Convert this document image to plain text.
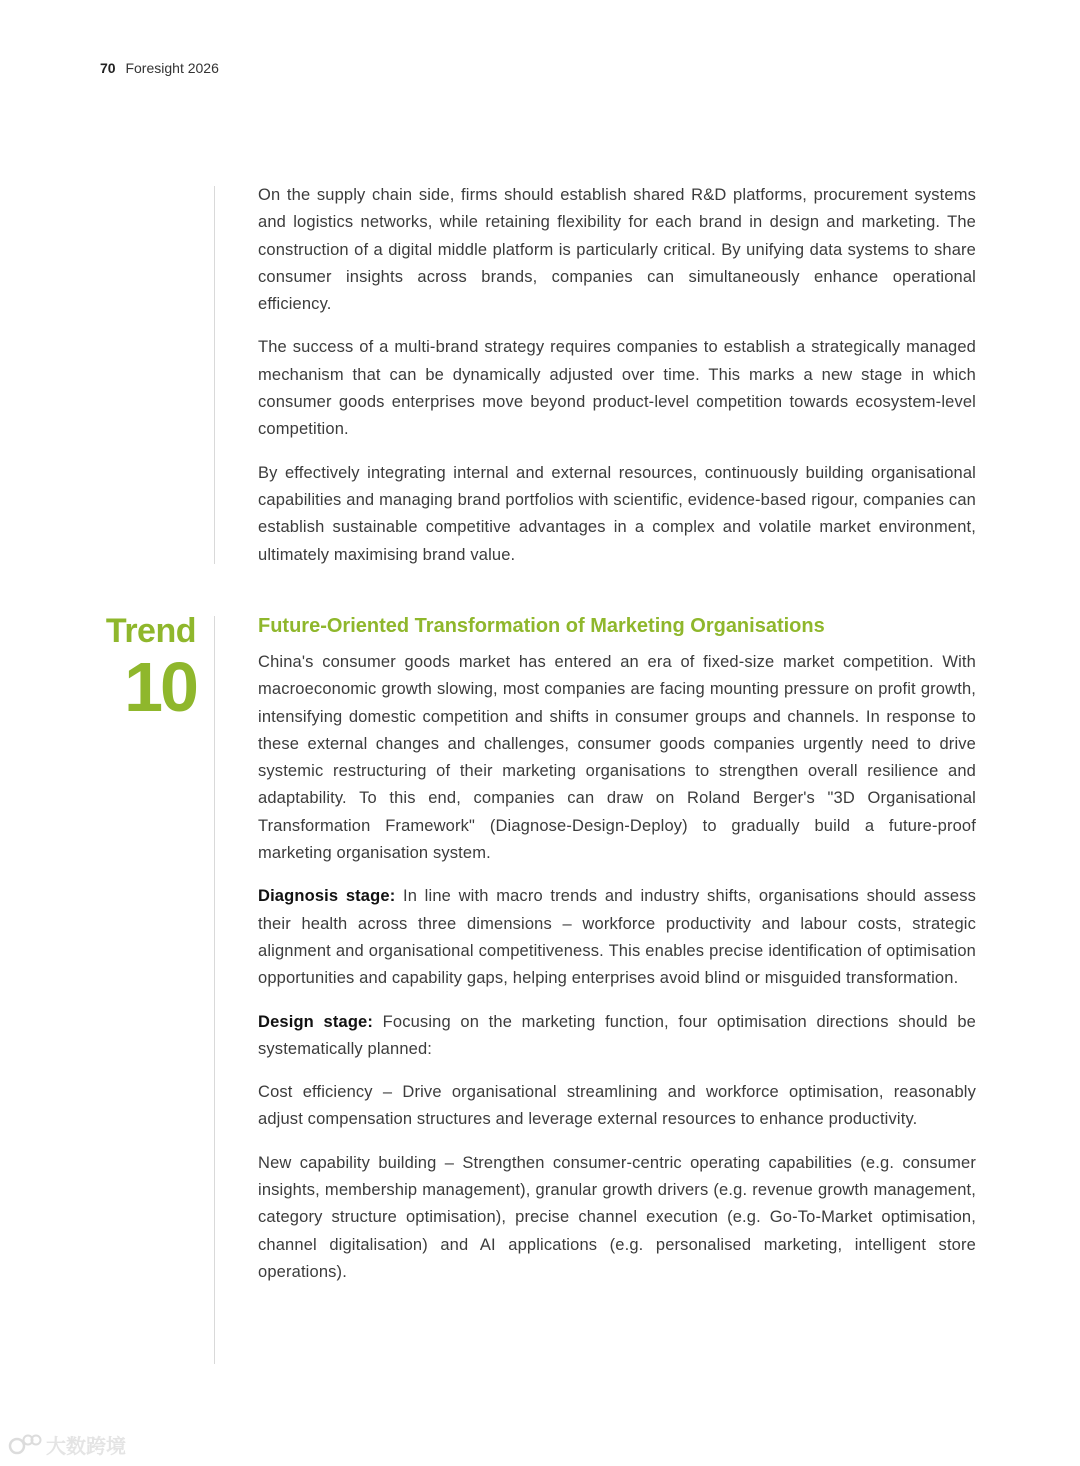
70 Foresight 2026

On the supply chain side, firms should establish shared R&D platforms, procurement systems and logistics networks, while retaining flexibility for each brand in design and marketing. The construction of a digital middle platform is particularly critical. By unifying data systems to share consumer insights across brands, companies can simultaneously enhance operational efficiency.

The success of a multi-brand strategy requires companies to establish a strategically managed mechanism that can be dynamically adjusted over time. This marks a new stage in which consumer goods enterprises move beyond product-level competition towards ecosystem-level competition.

By effectively integrating internal and external resources, continuously building organisational capabilities and managing brand portfolios with scientific, evidence-based rigour, companies can establish sustainable competitive advantages in a complex and volatile market environment, ultimately maximising brand value.

Trend
10
Future-Oriented Transformation of Marketing Organisations

China's consumer goods market has entered an era of fixed-size market competition. With macroeconomic growth slowing, most companies are facing mounting pressure on profit growth, intensifying domestic competition and shifts in consumer groups and channels. In response to these external changes and challenges, consumer goods companies urgently need to drive systemic restructuring of their marketing organisations to strengthen overall resilience and adaptability. To this end, companies can draw on Roland Berger's "3D Organisational Transformation Framework" (Diagnose-Design-Deploy) to gradually build a future-proof marketing organisation system.

Diagnosis stage: In line with macro trends and industry shifts, organisations should assess their health across three dimensions – workforce productivity and labour costs, strategic alignment and organisational competitiveness. This enables precise identification of optimisation opportunities and capability gaps, helping enterprises avoid blind or misguided transformation.

Design stage: Focusing on the marketing function, four optimisation directions should be systematically planned:

Cost efficiency – Drive organisational streamlining and workforce optimisation, reasonably adjust compensation structures and leverage external resources to enhance productivity.

New capability building – Strengthen consumer-centric operating capabilities (e.g. consumer insights, membership management), granular growth drivers (e.g. revenue growth management, category structure optimisation), precise channel execution (e.g. Go-To-Market optimisation, channel digitalisation) and AI applications (e.g. personalised marketing, intelligent store operations).

大数跨境
